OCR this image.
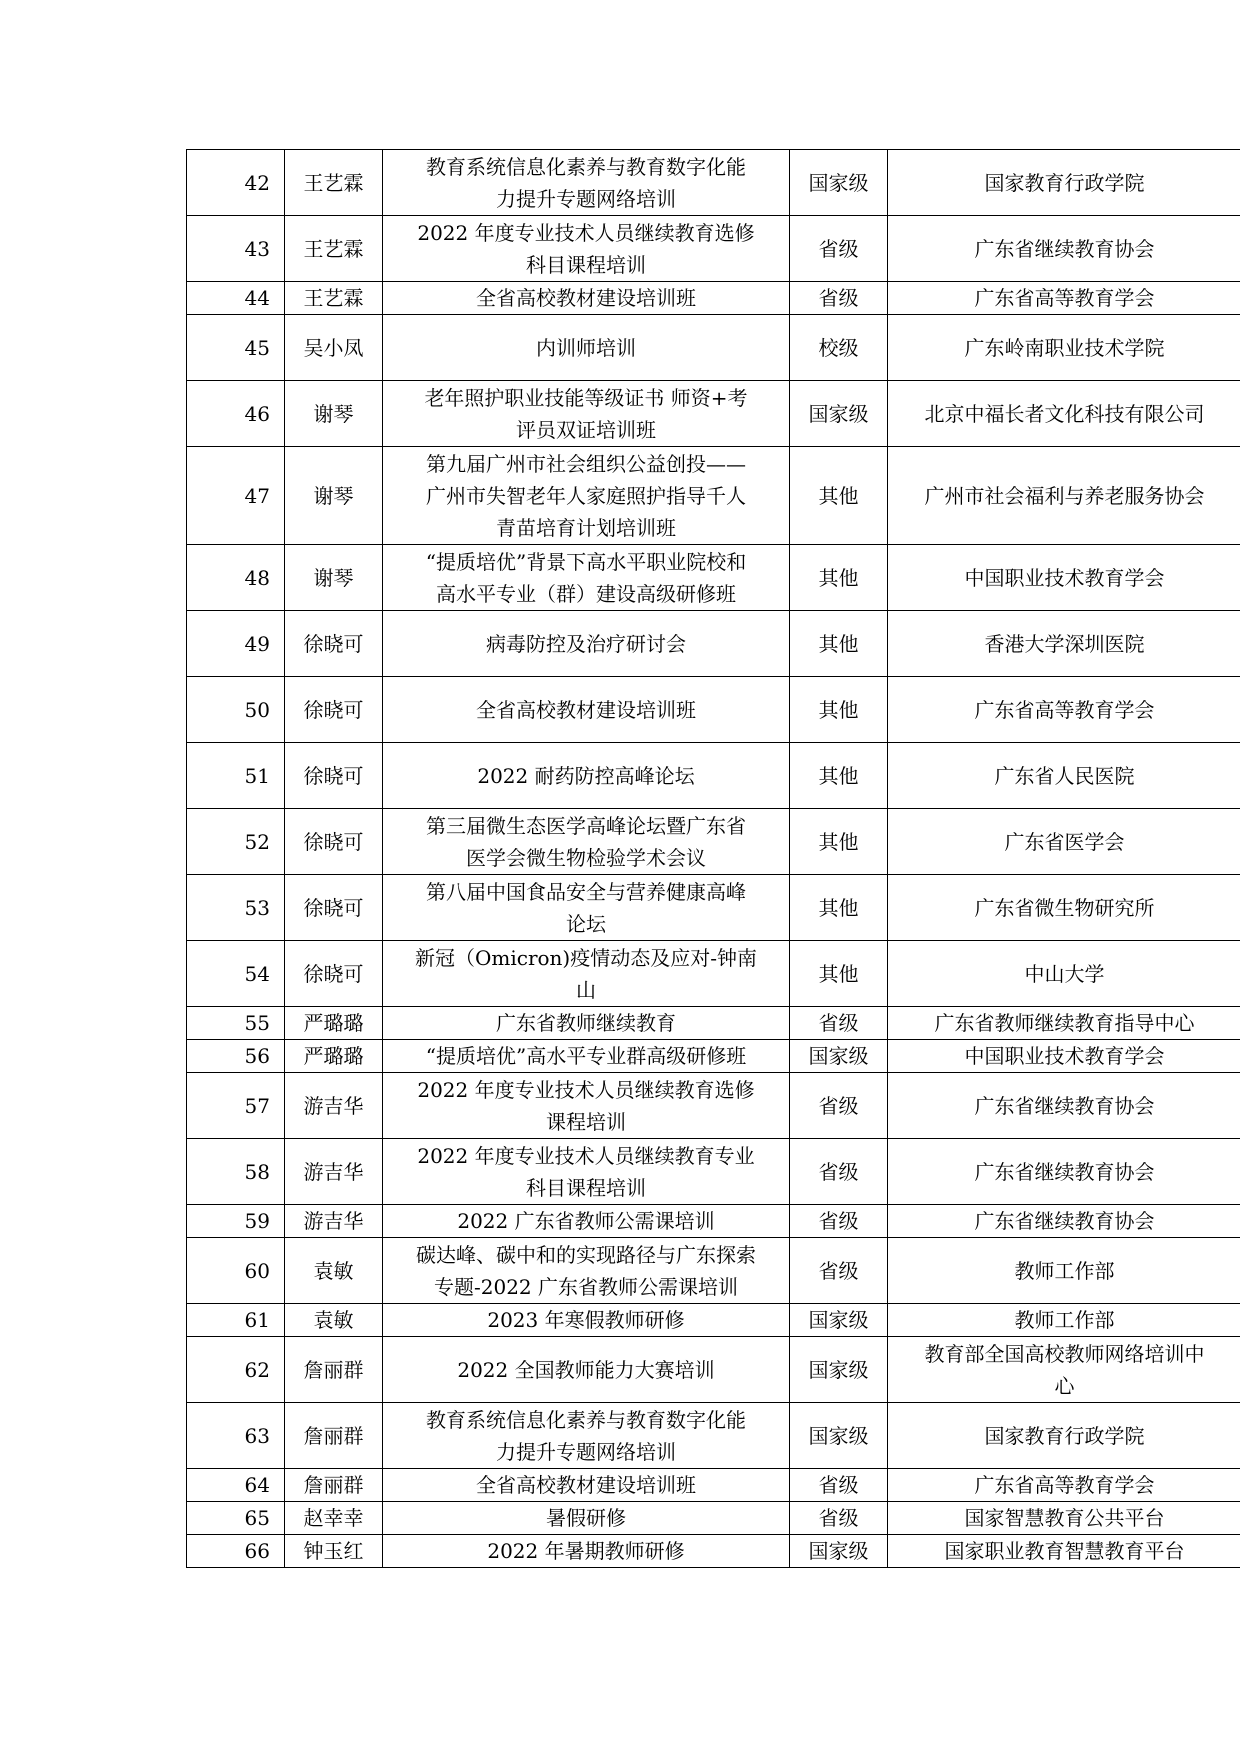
42	王艺霖	教育系统信息化素养与教育数字化能
力提升专题网络培训	国家级	国家教育行政学院
43	王艺霖	2022 年度专业技术人员继续教育选修
科目课程培训	省级	广东省继续教育协会
44	王艺霖	全省高校教材建设培训班	省级	广东省高等教育学会
45	吴小凤	内训师培训	校级	广东岭南职业技术学院
46	谢琴	老年照护职业技能等级证书 师资+考
评员双证培训班	国家级	北京中福长者文化科技有限公司
47	谢琴	第九届广州市社会组织公益创投——
广州市失智老年人家庭照护指导千人
青苗培育计划培训班	其他	广州市社会福利与养老服务协会
48	谢琴	“提质培优”背景下高水平职业院校和
高水平专业（群）建设高级研修班	其他	中国职业技术教育学会
49	徐晓可	病毒防控及治疗研讨会	其他	香港大学深圳医院
50	徐晓可	全省高校教材建设培训班	其他	广东省高等教育学会
51	徐晓可	2022 耐药防控高峰论坛	其他	广东省人民医院
52	徐晓可	第三届微生态医学高峰论坛暨广东省
医学会微生物检验学术会议	其他	广东省医学会
53	徐晓可	第八届中国食品安全与营养健康高峰
论坛	其他	广东省微生物研究所
54	徐晓可	新冠（Omicron)疫情动态及应对-钟南
山	其他	中山大学
55	严璐璐	广东省教师继续教育	省级	广东省教师继续教育指导中心
56	严璐璐	“提质培优”高水平专业群高级研修班	国家级	中国职业技术教育学会
57	游吉华	2022 年度专业技术人员继续教育选修
课程培训	省级	广东省继续教育协会
58	游吉华	2022 年度专业技术人员继续教育专业
科目课程培训	省级	广东省继续教育协会
59	游吉华	2022 广东省教师公需课培训	省级	广东省继续教育协会
60	袁敏	碳达峰、碳中和的实现路径与广东探索
专题-2022 广东省教师公需课培训	省级	教师工作部
61	袁敏	2023 年寒假教师研修	国家级	教师工作部
62	詹丽群	2022 全国教师能力大赛培训	国家级	教育部全国高校教师网络培训中
心
63	詹丽群	教育系统信息化素养与教育数字化能
力提升专题网络培训	国家级	国家教育行政学院
64	詹丽群	全省高校教材建设培训班	省级	广东省高等教育学会
65	赵幸幸	暑假研修	省级	国家智慧教育公共平台
66	钟玉红	2022 年暑期教师研修	国家级	国家职业教育智慧教育平台
